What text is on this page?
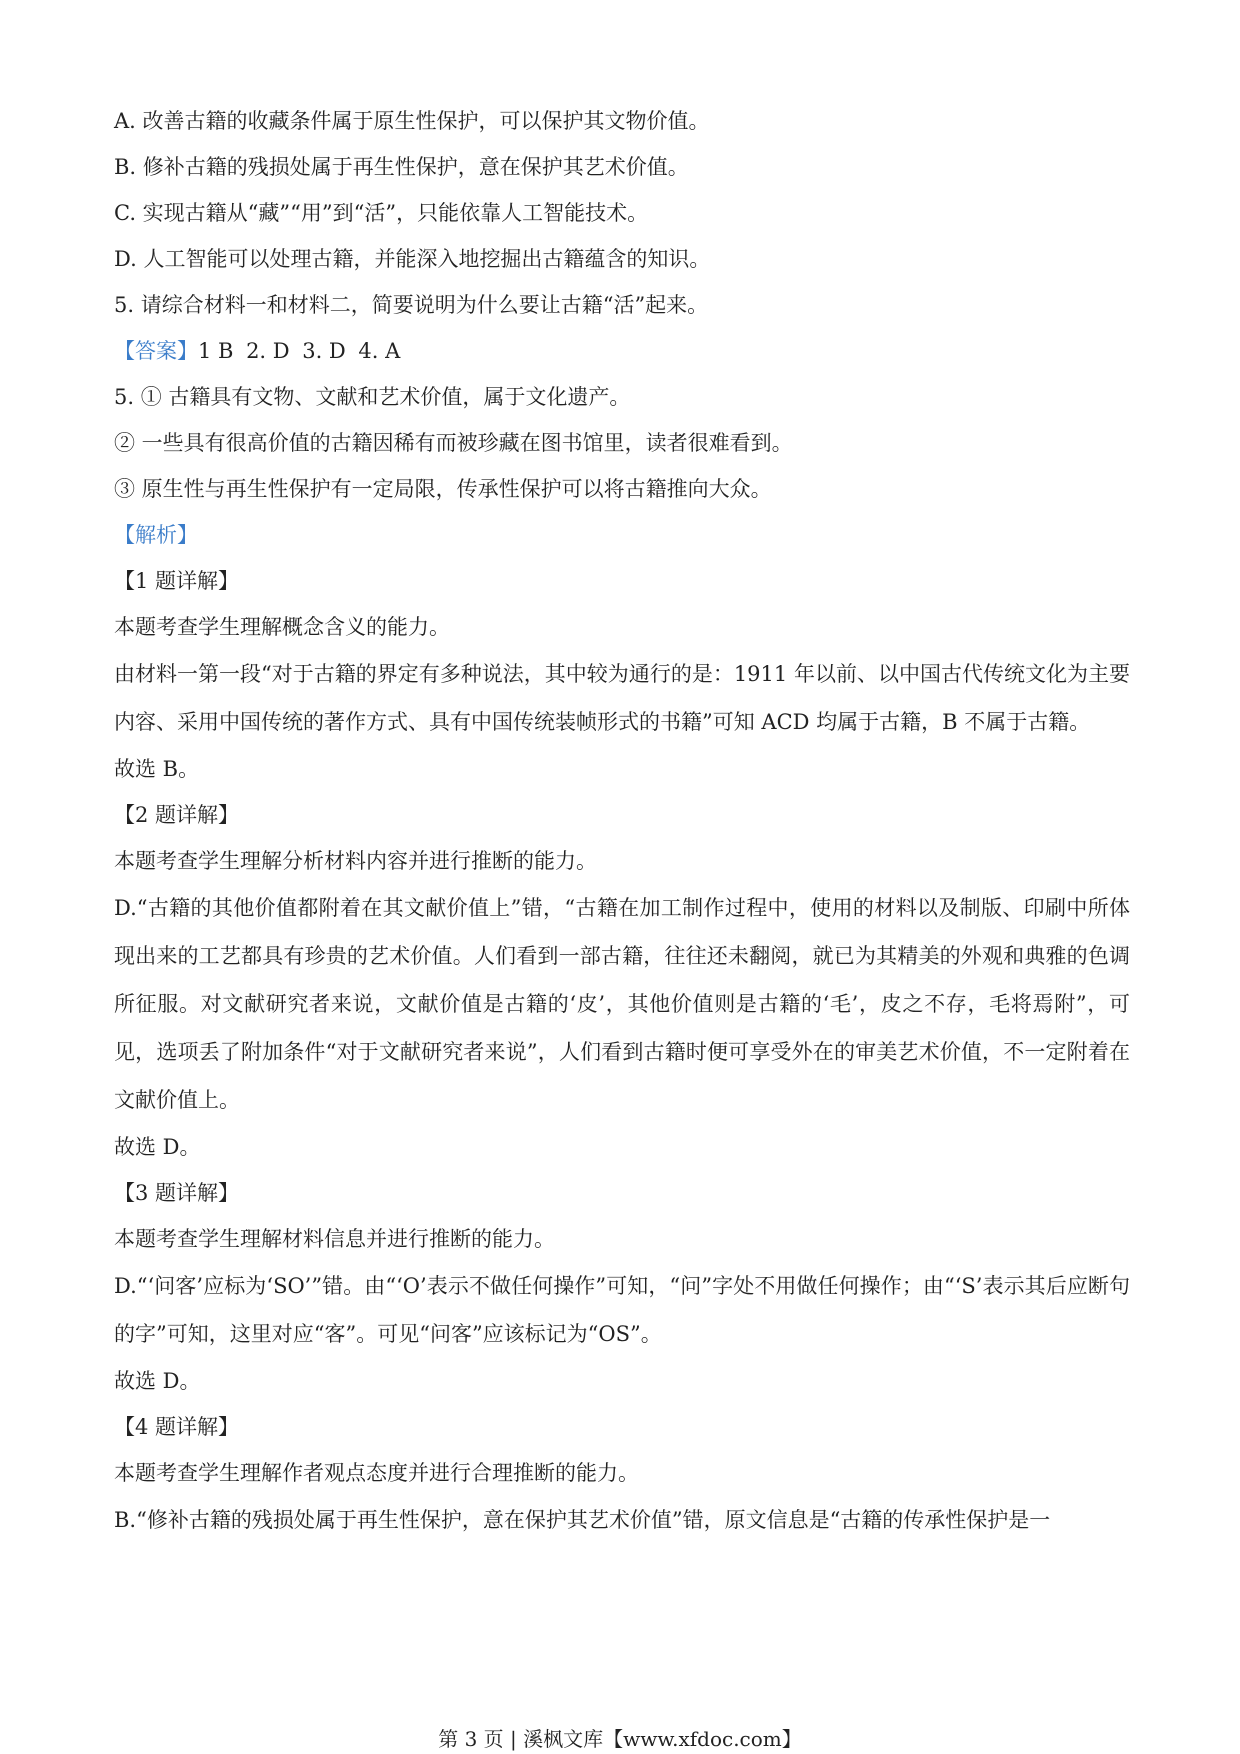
A. 改善古籍的收藏条件属于原生性保护，可以保护其文物价值。

B. 修补古籍的残损处属于再生性保护，意在保护其艺术价值。

C. 实现古籍从“藏”“用”到“活”，只能依靠人工智能技术。

D. 人工智能可以处理古籍，并能深入地挖掘出古籍蕴含的知识。

5. 请综合材料一和材料二，简要说明为什么要让古籍“活”起来。

【答案】1 B 2. D 3. D 4. A

5. ① 古籍具有文物、文献和艺术价值，属于文化遗产。

② 一些具有很高价值的古籍因稀有而被珍藏在图书馆里，读者很难看到。

③ 原生性与再生性保护有一定局限，传承性保护可以将古籍推向大众。

【解析】

【1 题详解】

本题考查学生理解概念含义的能力。

由材料一第一段“对于古籍的界定有多种说法，其中较为通行的是：1911 年以前、以中国古代传统文化为主要内容、采用中国传统的著作方式、具有中国传统装帧形式的书籍”可知 ACD 均属于古籍，B 不属于古籍。

故选 B。

【2 题详解】

本题考查学生理解分析材料内容并进行推断的能力。

D.“古籍的其他价值都附着在其文献价值上”错，“古籍在加工制作过程中，使用的材料以及制版、印刷中所体现出来的工艺都具有珍贵的艺术价值。人们看到一部古籍，往往还未翻阅，就已为其精美的外观和典雅的色调所征服。对文献研究者来说，文献价值是古籍的‘皮’，其他价值则是古籍的‘毛’，皮之不存，毛将焉附”，可见，选项丢了附加条件“对于文献研究者来说”，人们看到古籍时便可享受外在的审美艺术价值，不一定附着在文献价值上。

故选 D。

【3 题详解】

本题考查学生理解材料信息并进行推断的能力。

D.“‘问客’应标为‘SO’”错。由“‘O’表示不做任何操作”可知，“问”字处不用做任何操作；由“‘S’表示其后应断句的字”可知，这里对应“客”。可见“问客”应该标记为“OS”。

故选 D。

【4 题详解】

本题考查学生理解作者观点态度并进行合理推断的能力。

B.“修补古籍的残损处属于再生性保护，意在保护其艺术价值”错，原文信息是“古籍的传承性保护是一

第 3 页 | 溪枫文库【www.xfdoc.com】
